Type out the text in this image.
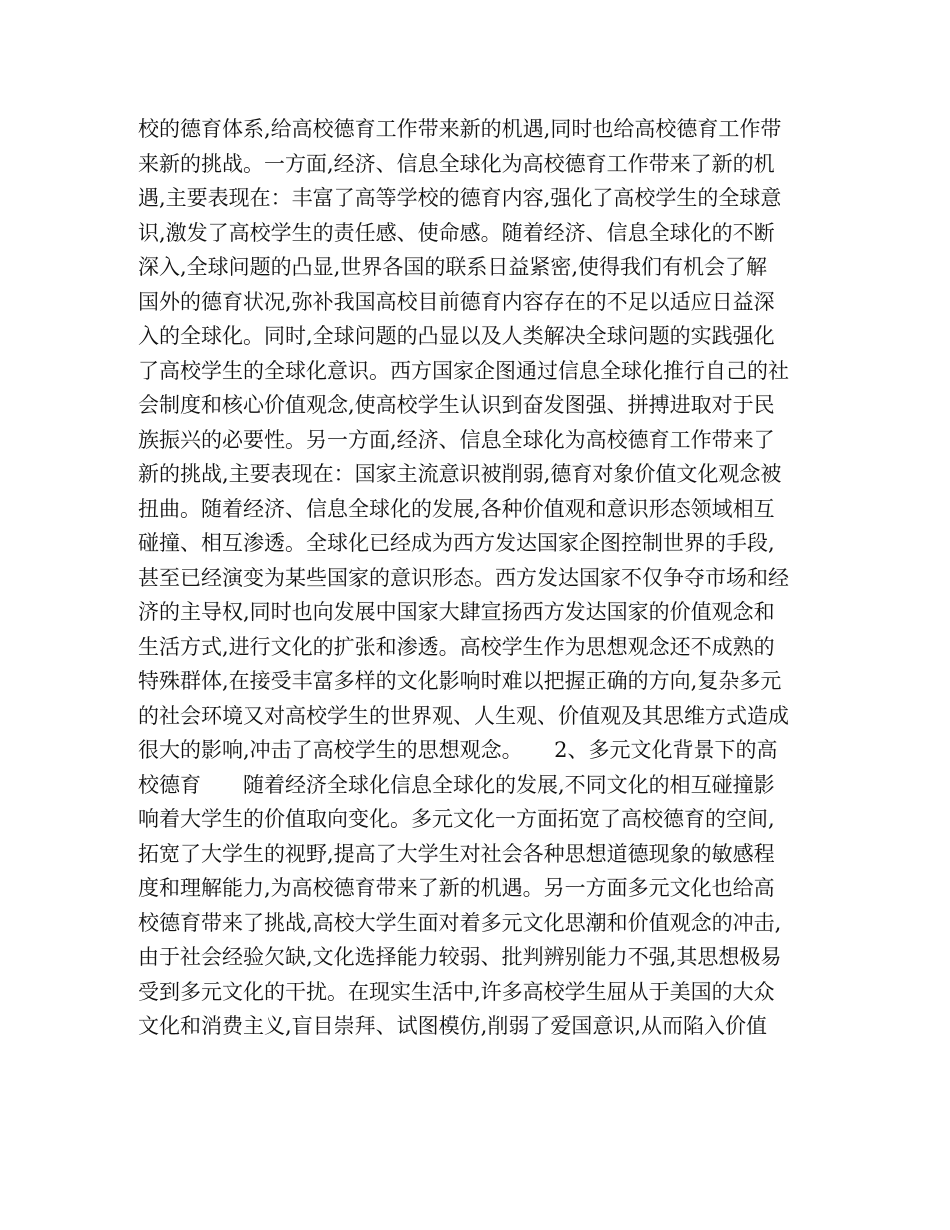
校的德育体系,给高校德育工作带来新的机遇,同时也给高校德育工作带
来新的挑战。一方面,经济、信息全球化为高校德育工作带来了新的机
遇,主要表现在：丰富了高等学校的德育内容,强化了高校学生的全球意
识,激发了高校学生的责任感、使命感。随着经济、信息全球化的不断
深入,全球问题的凸显,世界各国的联系日益紧密,使得我们有机会了解
国外的德育状况,弥补我国高校目前德育内容存在的不足以适应日益深
入的全球化。同时,全球问题的凸显以及人类解决全球问题的实践强化
了高校学生的全球化意识。西方国家企图通过信息全球化推行自己的社
会制度和核心价值观念,使高校学生认识到奋发图强、拼搏进取对于民
族振兴的必要性。另一方面,经济、信息全球化为高校德育工作带来了
新的挑战,主要表现在：国家主流意识被削弱,德育对象价值文化观念被
扭曲。随着经济、信息全球化的发展,各种价值观和意识形态领域相互
碰撞、相互渗透。全球化已经成为西方发达国家企图控制世界的手段,
甚至已经演变为某些国家的意识形态。西方发达国家不仅争夺市场和经
济的主导权,同时也向发展中国家大肆宣扬西方发达国家的价值观念和
生活方式,进行文化的扩张和渗透。高校学生作为思想观念还不成熟的
特殊群体,在接受丰富多样的文化影响时难以把握正确的方向,复杂多元
的社会环境又对高校学生的世界观、人生观、价值观及其思维方式造成
很大的影响,冲击了高校学生的思想观念。　　2、多元文化背景下的高
校德育　　随着经济全球化信息全球化的发展,不同文化的相互碰撞影
响着大学生的价值取向变化。多元文化一方面拓宽了高校德育的空间,
拓宽了大学生的视野,提高了大学生对社会各种思想道德现象的敏感程
度和理解能力,为高校德育带来了新的机遇。另一方面多元文化也给高
校德育带来了挑战,高校大学生面对着多元文化思潮和价值观念的冲击,
由于社会经验欠缺,文化选择能力较弱、批判辨别能力不强,其思想极易
受到多元文化的干扰。在现实生活中,许多高校学生屈从于美国的大众
文化和消费主义,盲目崇拜、试图模仿,削弱了爱国意识,从而陷入价值
